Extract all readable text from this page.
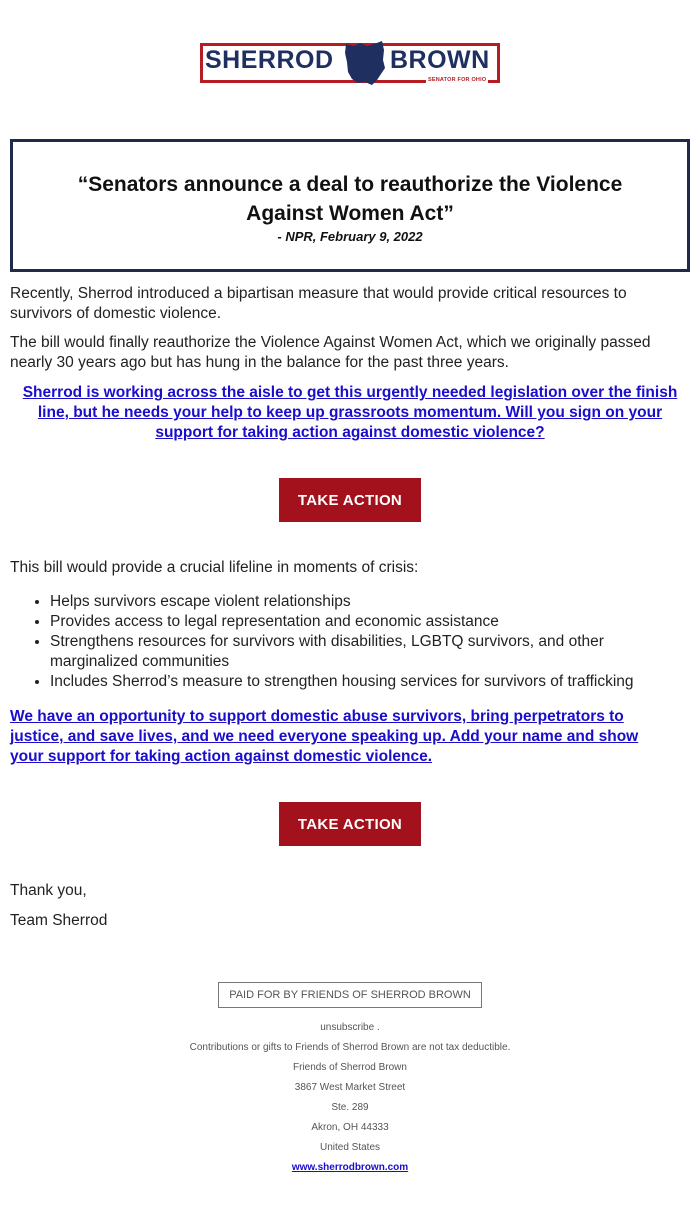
SHERROD BROWN
SENATOR FOR OHIO
“Senators announce a deal to reauthorize the Violence Against Women Act”
- NPR, February 9, 2022
Recently, Sherrod introduced a bipartisan measure that would provide critical resources to survivors of domestic violence.
The bill would finally reauthorize the Violence Against Women Act, which we originally passed nearly 30 years ago but has hung in the balance for the past three years.
Sherrod is working across the aisle to get this urgently needed legislation over the finish line, but he needs your help to keep up grassroots momentum. Will you sign on your support for taking action against domestic violence?
TAKE ACTION
This bill would provide a crucial lifeline in moments of crisis:
• Helps survivors escape violent relationships
• Provides access to legal representation and economic assistance
• Strengthens resources for survivors with disabilities, LGBTQ survivors, and other marginalized communities
• Includes Sherrod’s measure to strengthen housing services for survivors of trafficking
We have an opportunity to support domestic abuse survivors, bring perpetrators to justice, and save lives, and we need everyone speaking up. Add your name and show your support for taking action against domestic violence.
TAKE ACTION
Thank you,
Team Sherrod
PAID FOR BY FRIENDS OF SHERROD BROWN
unsubscribe .
Contributions or gifts to Friends of Sherrod Brown are not tax deductible.
Friends of Sherrod Brown
3867 West Market Street
Ste. 289
Akron, OH 44333
United States
www.sherrodbrown.com
